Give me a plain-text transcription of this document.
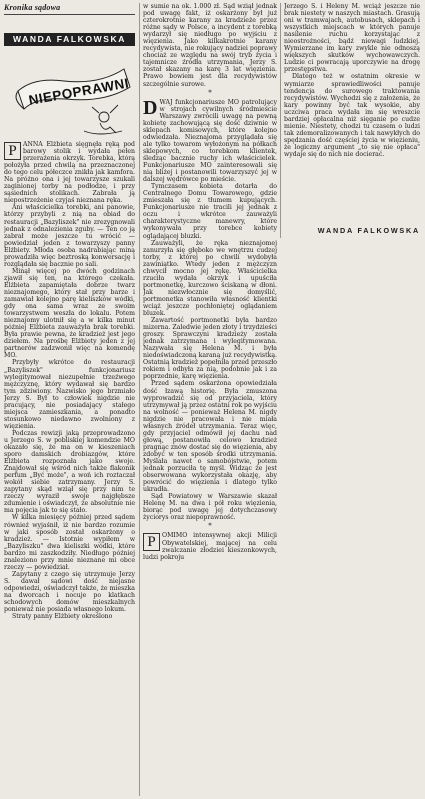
Kronika sądowa
WANDA FALKOWSKA
NIEPOPRAWNI

P	ANNA Elżbieta sięgnęła ręką pod barowy stolik i wydała pełen przerażenia okrzyk. Torebka, którą położyła przed chwilą na przeznaczonej do tego celu półeczce znikła jak kamfora. Na próżno ona i jej towarzysze szukali zaginionej torby na podłodze, i przy sąsiednich stolikach. Zabrała ją niepostrzeżenie czyjaś nieznana ręka.

Ani właścicielka torebki, ani panowie, którzy przybyli z nią na obiad do restauracji „Bazyliszek" nie zrezygnowali jednak z odnalezienia zguby. — Ten co ją zabrał może jeszcze tu wrócić — powiedział jeden z towarzyszy panny Elżbiety. Młoda osoba nadrabiając miną prowadziła więc beztroską konwersację i rozglądała się bacznie po sali.

Minął więcej po dwóch godzinach zjawił się ten, na którego czekała. Elżbieta zapamiętała dobrze twarz nieznajomego, który stał przy barze i zamawiał kolejno parę kieliszków wódki, gdy ona sama wraz ze swoim towarzystwem weszła do lokalu. Potem nieznajomy ulotnił się a w kilka minut później Elżbieta zauważyła brak torebki. Była prawie pewna, że kradzież jest jego dziełem. Na prośbę Elżbiety jeden z jej partnerów zadzwonił więc na komendę MO.

Przybyły wkrótce do restauracji „Bazyliszek" funkcjonariusz wylegitymował niezupełnie trzeźwego mężczyznę, który wydawał się bardzo tym zdziwiony. Nazwisko jego brzmiało Jerzy S. Był to człowiek nigdzie nie pracujący, nie posiadający stałego miejsca zamieszkania, a ponadto stosunkowo niedawno zwolniony z więzienia.

Podczas rewizji jaką przeprowadzono u Jerzego S. w pobliskiej komendzie MO okazało się, że ma on w kieszeniach sporo damskich drobiazgów, które Elżbieta rozpoznała jako swoje. Znajdował się wśród nich także flakonik perfum „Być może", a woń ich roztaczał wokół siebie zatrzymany. Jerzy S. zapytany skąd wziął się przy nim te rzeczy wyraził swoje najgłębsze zdumienie i oświadczył, że absolutnie nie ma pojęcia jak to się stało.

W kilka miesięcy później przed sądem również wyjaśnił, iż nie bardzo rozumie w jaki sposób został oskarżony o kradzież. — Istotnie wypiłem w „Bazyliszku" dwa kieliszki wódki, które bardzo mi zaszkodziły. Niedługo później znaleziono przy mnie nieznane mi obce rzeczy — powiedział.

Zapytany z czego się utrzymuje Jerzy S. dawał sądowi dość niejasne odpowiedzi, oświadczył także, że mieszka na dworcach i nocuje po klatkach schodowych domów mieszkalnych ponieważ nie posiada własnego lokum.

Straty panny Elżbiety określono

w sumie na ok. 1.000 zł. Sąd wziął jednak pod uwagę fakt, iż oskarżony był już czterokrotnie karany za kradzieże przez różne sądy w Polsce, a incydent z torebką wydarzył się niedługo po wyjściu z więzienia. Jako kilkakrotnie karany recydywista, nie rokujący nadziei poprawy chociaż ze względu na swój tryb życia i tajemnicze źródła utrzymania, Jerzy S. został skazany na karę 3 lat więzienia. Prawo bowiem jest dla recydywistów szczególnie surowe.

*

DWAJ funkcjonariusze MO patrolujący w strojach cywilnych śródmieście Warszawy zwrócili uwagę na pewną kobietę zachowującą się dość dziwnie w sklepach komisowych, które kolejno odwiedzała. Nieznajoma przyglądała się ale tylko towarom wyłożonym na półkach sklepowych, co torebkom klientek, śledząc bacznie ruchy ich właścicielek. Funkcjonariusze MO zainteresowali się nią bliżej i postanowili towarzyszyć jej w dalszej wędrówce po mieście.

Tymczasem kobieta dotarła do Centralnego Domu Towarowego, gdzie zmieszała się z tłumem kupujących. Funkcjonariusze nie tracili jej jednak z oczu i wkrótce zauważyli charakterystyczne manewry, które wykonywała przy torebce kobiety oglądającej bluzki.

Zauważyli, że ręka nieznajomej zanurzyła się głęboko we wnętrzu cudzej torby, z której po chwili wydobyła zawiniątko. Wtedy jeden z mężczyzn chwycił mocno jej rękę. Właścicielka rzuciła wydała okrzyk i upuściła portmonetkę, kurczowo ściskaną w dłoni. Jak niezwłocznie się domyślić, portmonetka stanowiła własność klientki wciąż jeszcze pochłoniętej oglądaniem bluzek.

Zawartość portmonetki była bardzo mizerna. Zaledwie jeden złoty i trzydzieści groszy. Sprawczyni kradzieży została jednak zatrzymana i wylegitymowana. Nazywała się Helena M. i była niedoświadczoną karaną już recydywistką. Ostatnią kradzież popełniła przed przeszło rokiem i odbyła za nią, podobnie jak i za poprzednie, karę więzienia.

Przed sądem oskarżona opowiedziała dość łzawą historię. Była zmuszona wyprowadzić się od przyjaciela, który utrzymywał ją przez ostatni rok po wyjściu na wolność — ponieważ Helena M. nigdy nigdzie nie pracowała i nie miała własnych źródeł utrzymania. Teraz więc, gdy przyjaciel odmówił jej dachu nad głową, postanowiła celowo kradzież pragnąc znów dostać się do więzienia, aby zdobyć w ten sposób środki utrzymania. Myślała nawet o samobójstwie, potem jednak porzuciła tę myśl. Widząc że jest obserwowana wykorzystała okazję, aby powrócić do więzienia i dlatego tylko ukradła.

Sąd Powiatowy w Warszawie skazał Helenę M. na dwa i pół roku więzienia, biorąc pod uwagę jej dotychczasowy życiorys oraz niepoprawność.

*

P	OMIMO intensywnej akcji Milicji Obywatelskiej, mającej na celu zwalczanie złodziei kieszonkowych, ludzi pokroju

Jerzego S. i Heleny M. wciąż jeszcze nie brak niestety w naszych miastach. Grasują oni w tramwajach, autobusach, sklepach i wszystkich miejscach w których panuje nasilenie ruchu korzystając z nieostrożności, bądź niewagi ludzkiej. Wymierzane im kary zwykle nie odnoszą większych skutków wychowawczych. Ludzie ci powracają uporczywie na drogę przestępstwa.

Dlatego też w ostatnim okresie w wymiarze sprawiedliwości panuje tendencja do surowego traktowania recydywistów. Wychodzi się z założenia, że kary powinny być tak wysokie, aby uczciwa praca wydała im się wreszcie bardziej opłacalna niż sięganie po cudze mienie. Niestety, chodzi tu czasem o ludzi tak zdemoralizowanych i tak nawykłych do spędzania dość częściej życia w więzieniu, że logiczny argument „to się nie opłaca" wydaje się do nich nie docierać.

WANDA FALKOWSKA
